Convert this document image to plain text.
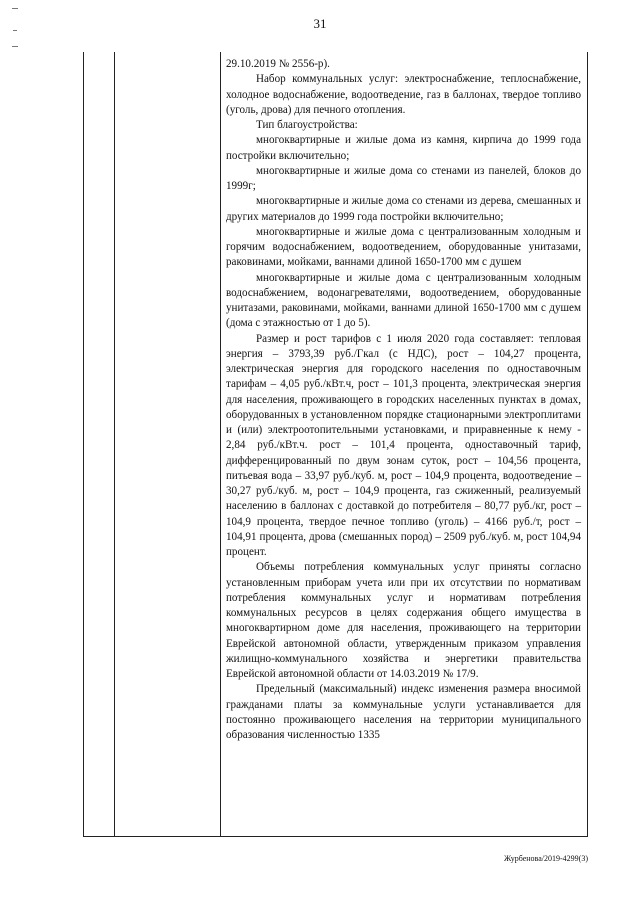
31

29.10.2019 № 2556-р).

Набор коммунальных услуг: электроснабжение, теплоснабжение, холодное водоснабжение, водоотведение, газ в баллонах, твердое топливо (уголь, дрова) для печного отопления.

Тип благоустройства:

многоквартирные и жилые дома из камня, кирпича до 1999 года постройки включительно;

многоквартирные и жилые дома со стенами из панелей, блоков до 1999г;

многоквартирные и жилые дома со стенами из дерева, смешанных и других материалов до 1999 года постройки включительно;

многоквартирные и жилые дома с централизованным холодным и горячим водоснабжением, водоотведением, оборудованные унитазами, раковинами, мойками, ваннами длиной 1650-1700 мм с душем

многоквартирные и жилые дома с централизованным холодным водоснабжением, водонагревателями, водоотведением, оборудованные унитазами, раковинами, мойками, ваннами длиной 1650-1700 мм с душем (дома с этажностью от 1 до 5).

Размер и рост тарифов с 1 июля 2020 года составляет: тепловая энергия – 3793,39 руб./Гкал (с НДС), рост – 104,27 процента, электрическая энергия для городского населения по одноставочным тарифам – 4,05 руб./кВт.ч, рост – 101,3 процента, электрическая энергия для населения, проживающего в городских населенных пунктах в домах, оборудованных в установленном порядке стационарными электроплитами и (или) электроотопительными установками, и приравненные к нему - 2,84 руб./кВт.ч. рост – 101,4 процента, одноставочный тариф, дифференцированный по двум зонам суток, рост – 104,56 процента, питьевая вода – 33,97 руб./куб. м, рост – 104,9 процента, водоотведение – 30,27 руб./куб. м, рост – 104,9 процента, газ сжиженный, реализуемый населению в баллонах с доставкой до потребителя – 80,77 руб./кг, рост – 104,9 процента, твердое печное топливо (уголь) – 4166 руб./т, рост – 104,91 процента, дрова (смешанных пород) – 2509 руб./куб. м, рост 104,94 процент.

Объемы потребления коммунальных услуг приняты согласно установленным приборам учета или при их отсутствии по нормативам потребления коммунальных услуг и нормативам потребления коммунальных ресурсов в целях содержания общего имущества в многоквартирном доме для населения, проживающего на территории Еврейской автономной области, утвержденным приказом управления жилищно-коммунального хозяйства и энергетики правительства Еврейской автономной области от 14.03.2019 № 17/9.

Предельный (максимальный) индекс изменения размера вносимой гражданами платы за коммунальные услуги устанавливается для постоянно проживающего населения на территории муниципального образования численностью 1335

Журбенова/2019-4299(3)
